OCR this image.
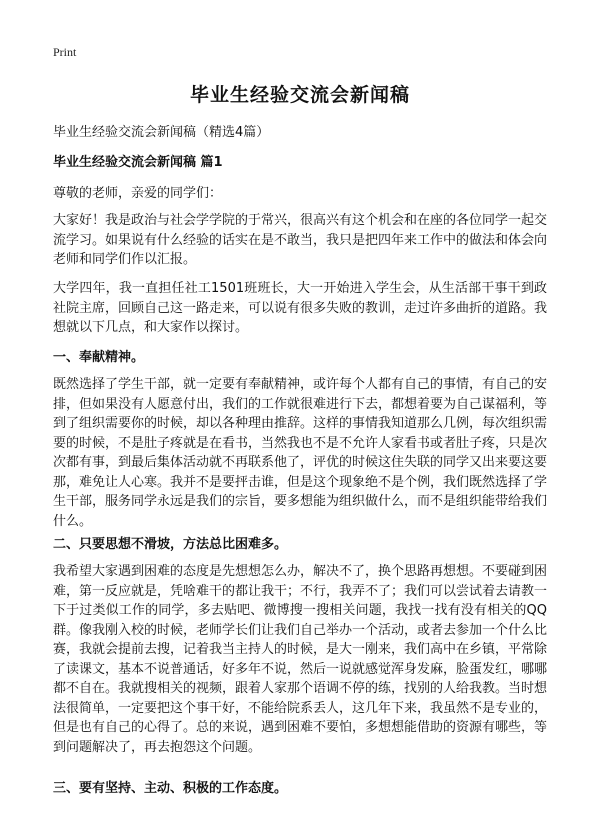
Print
毕业生经验交流会新闻稿
毕业生经验交流会新闻稿（精选4篇）
毕业生经验交流会新闻稿 篇1
尊敬的老师，亲爱的同学们：
大家好！我是政治与社会学学院的于常兴，很高兴有这个机会和在座的各位同学一起交流学习。如果说有什么经验的话实在是不敢当，我只是把四年来工作中的做法和体会向老师和同学们作以汇报。
大学四年，我一直担任社工1501班班长，大一开始进入学生会，从生活部干事干到政社院主席，回顾自己这一路走来，可以说有很多失败的教训，走过许多曲折的道路。我想就以下几点，和大家作以探讨。
一、奉献精神。
既然选择了学生干部，就一定要有奉献精神，或许每个人都有自己的事情，有自己的安排，但如果没有人愿意付出，我们的工作就很难进行下去，都想着要为自己谋福利，等到了组织需要你的时候，却以各种理由推辞。这样的事情我知道那么几例，每次组织需要的时候，不是肚子疼就是在看书，当然我也不是不允许人家看书或者肚子疼，只是次次都有事，到最后集体活动就不再联系他了，评优的时候这住失联的同学又出来要这要那，难免让人心寒。我并不是要抨击谁，但是这个现象绝不是个例，我们既然选择了学生干部，服务同学永远是我们的宗旨，要多想能为组织做什么，而不是组织能带给我们什么。
二、只要思想不滑坡，方法总比困难多。
我希望大家遇到困难的态度是先想想怎么办，解决不了，换个思路再想想。不要碰到困难，第一反应就是，凭啥难干的都让我干；不行，我弄不了；我们可以尝试着去请教一下于过类似工作的同学，多去贴吧、微博搜一搜相关问题，我找一找有没有相关的QQ群。像我刚入校的时候，老师学长们让我们自己举办一个活动，或者去参加一个什么比赛，我就会提前去搜，记着我当主持人的时候，是大一刚来，我们高中在乡镇，平常除了读课文，基本不说普通话，好多年不说，然后一说就感觉浑身发麻，脸蛋发红，哪哪都不自在。我就搜相关的视频，跟着人家那个语调不停的练，找别的人给我教。当时想法很简单，一定要把这个事干好，不能给院系丢人，这几年下来，我虽然不是专业的，但是也有自己的心得了。总的来说，遇到困难不要怕，多想想能借助的资源有哪些，等到问题解决了，再去抱怨这个问题。
三、要有坚持、主动、积极的工作态度。
